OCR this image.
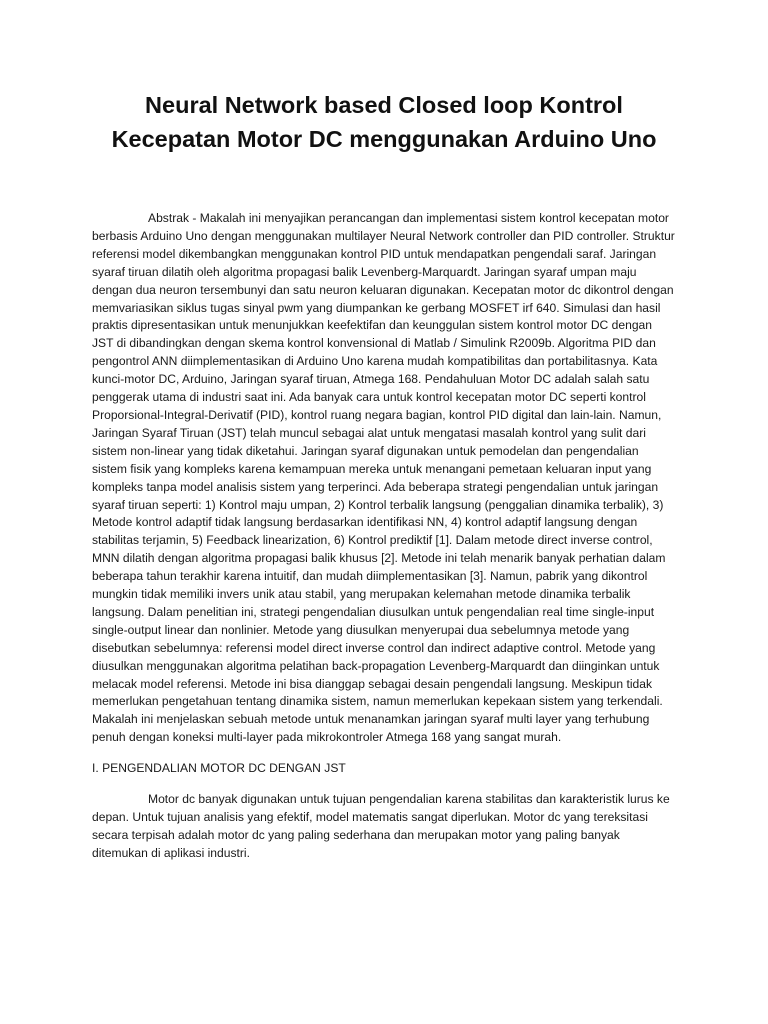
Neural Network based Closed loop Kontrol
Kecepatan Motor DC menggunakan Arduino Uno

Abstrak - Makalah ini menyajikan perancangan dan implementasi sistem kontrol kecepatan motor berbasis Arduino Uno dengan menggunakan multilayer Neural Network controller dan PID controller. Struktur referensi model dikembangkan menggunakan kontrol PID untuk mendapatkan pengendali saraf. Jaringan syaraf tiruan dilatih oleh algoritma propagasi balik Levenberg-Marquardt. Jaringan syaraf umpan maju dengan dua neuron tersembunyi dan satu neuron keluaran digunakan. Kecepatan motor dc dikontrol dengan memvariasikan siklus tugas sinyal pwm yang diumpankan ke gerbang MOSFET irf 640. Simulasi dan hasil praktis dipresentasikan untuk menunjukkan keefektifan dan keunggulan sistem kontrol motor DC dengan JST di dibandingkan dengan skema kontrol konvensional di Matlab / Simulink R2009b. Algoritma PID dan pengontrol ANN diimplementasikan di Arduino Uno karena mudah kompatibilitas dan portabilitasnya. Kata kunci-motor DC, Arduino, Jaringan syaraf tiruan, Atmega 168. Pendahuluan Motor DC adalah salah satu penggerak utama di industri saat ini. Ada banyak cara untuk kontrol kecepatan motor DC seperti kontrol Proporsional-Integral-Derivatif (PID), kontrol ruang negara bagian, kontrol PID digital dan lain-lain. Namun, Jaringan Syaraf Tiruan (JST) telah muncul sebagai alat untuk mengatasi masalah kontrol yang sulit dari sistem non-linear yang tidak diketahui. Jaringan syaraf digunakan untuk pemodelan dan pengendalian sistem fisik yang kompleks karena kemampuan mereka untuk menangani pemetaan keluaran input yang kompleks tanpa model analisis sistem yang terperinci. Ada beberapa strategi pengendalian untuk jaringan syaraf tiruan seperti: 1) Kontrol maju umpan, 2) Kontrol terbalik langsung (penggalian dinamika terbalik), 3) Metode kontrol adaptif tidak langsung berdasarkan identifikasi NN, 4) kontrol adaptif langsung dengan stabilitas terjamin, 5) Feedback linearization, 6) Kontrol prediktif [1]. Dalam metode direct inverse control, MNN dilatih dengan algoritma propagasi balik khusus [2]. Metode ini telah menarik banyak perhatian dalam beberapa tahun terakhir karena intuitif, dan mudah diimplementasikan [3]. Namun, pabrik yang dikontrol mungkin tidak memiliki invers unik atau stabil, yang merupakan kelemahan metode dinamika terbalik langsung. Dalam penelitian ini, strategi pengendalian diusulkan untuk pengendalian real time single-input single-output linear dan nonlinier. Metode yang diusulkan menyerupai dua sebelumnya metode yang disebutkan sebelumnya: referensi model direct inverse control dan indirect adaptive control. Metode yang diusulkan menggunakan algoritma pelatihan back-propagation Levenberg-Marquardt dan diinginkan untuk melacak model referensi. Metode ini bisa dianggap sebagai desain pengendali langsung. Meskipun tidak memerlukan pengetahuan tentang dinamika sistem, namun memerlukan kepekaan sistem yang terkendali. Makalah ini menjelaskan sebuah metode untuk menanamkan jaringan syaraf multi layer yang terhubung penuh dengan koneksi multi-layer pada mikrokontroler Atmega 168 yang sangat murah.

I. PENGENDALIAN MOTOR DC DENGAN JST

Motor dc banyak digunakan untuk tujuan pengendalian karena stabilitas dan karakteristik lurus ke depan. Untuk tujuan analisis yang efektif, model matematis sangat diperlukan. Motor dc yang tereksitasi secara terpisah adalah motor dc yang paling sederhana dan merupakan motor yang paling banyak ditemukan di aplikasi industri.
